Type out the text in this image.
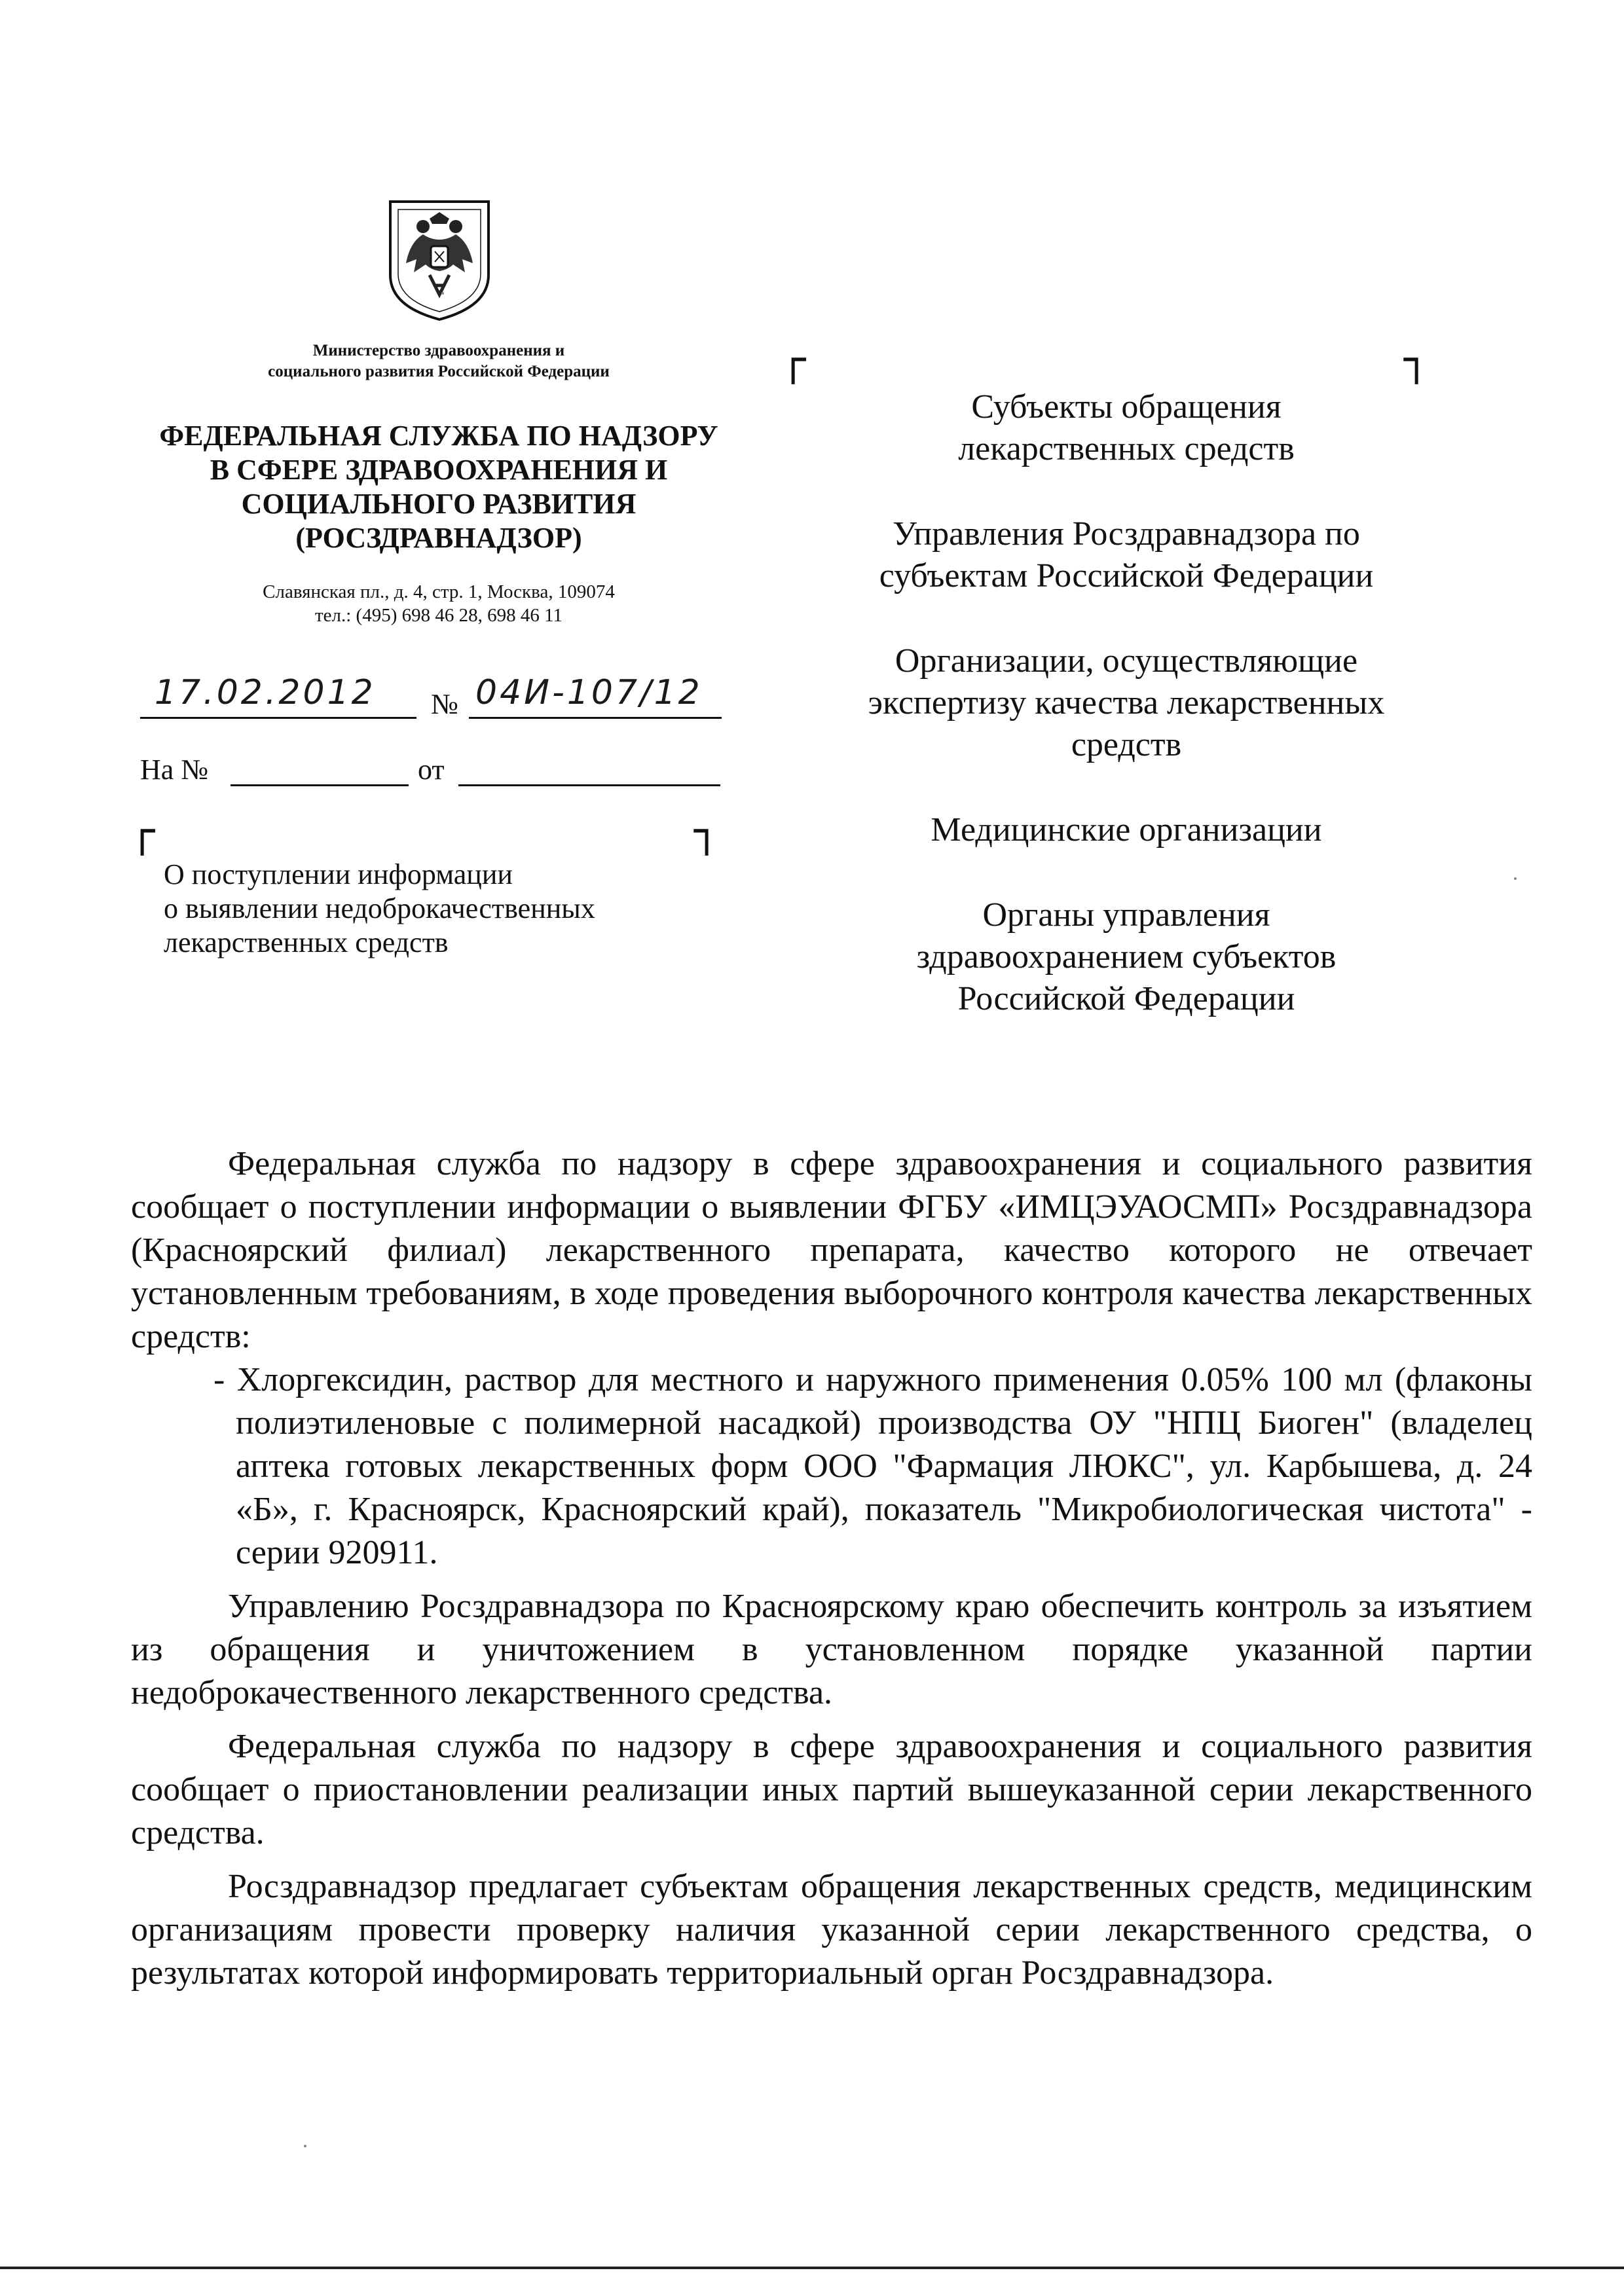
Министерство здравоохранения и
социального развития Российской Федерации
ФЕДЕРАЛЬНАЯ СЛУЖБА ПО НАДЗОРУ
В СФЕРЕ ЗДРАВООХРАНЕНИЯ И
СОЦИАЛЬНОГО РАЗВИТИЯ
(РОСЗДРАВНАДЗОР)
Славянская пл., д. 4, стр. 1, Москва, 109074
тел.: (495) 698 46 28, 698 46 11
17.02.2012 № 04И-107/12
На №	от
┌	┐
┌	┐
О поступлении информации
о выявлении недоброкачественных
лекарственных средств
Субъекты обращения
лекарственных средств
Управления Росздравнадзора по
субъектам Российской Федерации
Организации, осуществляющие
экспертизу качества лекарственных
средств
Медицинские организации
Органы управления
здравоохранением субъектов
Российской Федерации

Федеральная служба по надзору в сфере здравоохранения и социального развития сообщает о поступлении информации о выявлении ФГБУ «ИМЦЭУАОСМП» Росздравнадзора (Красноярский филиал) лекарственного препарата, качество которого не отвечает установленным требованиям, в ходе проведения выборочного контроля качества лекарственных средств:

- Хлоргексидин, раствор для местного и наружного применения 0.05% 100 мл (флаконы полиэтиленовые с полимерной насадкой) производства ОУ "НПЦ Биоген" (владелец аптека готовых лекарственных форм ООО "Фармация ЛЮКС", ул. Карбышева, д. 24 «Б», г. Красноярск, Красноярский край), показатель "Микробиологическая чистота" - серии 920911.

Управлению Росздравнадзора по Красноярскому краю обеспечить контроль за изъятием из обращения и уничтожением в установленном порядке указанной партии недоброкачественного лекарственного средства.

Федеральная служба по надзору в сфере здравоохранения и социального развития сообщает о приостановлении реализации иных партий вышеуказанной серии лекарственного средства.

Росздравнадзор предлагает субъектам обращения лекарственных средств, медицинским организациям провести проверку наличия указанной серии лекарственного средства, о результатах которой информировать территориальный орган Росздравнадзора.
